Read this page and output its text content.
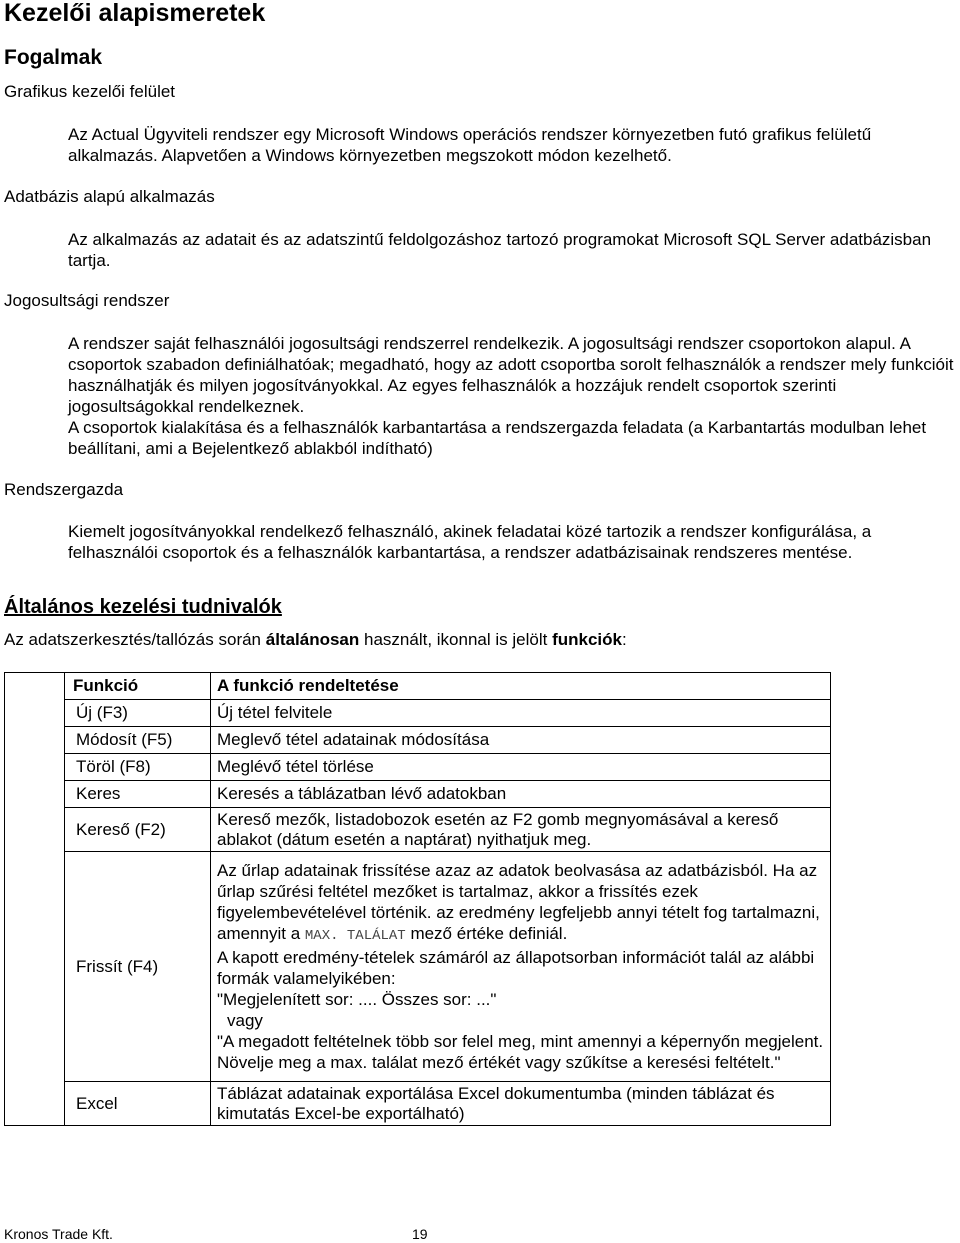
Kezelői alapismeretek
Fogalmak
Grafikus kezelői felület

Az Actual Ügyviteli rendszer egy Microsoft Windows operációs rendszer környezetben futó grafikus felületű alkalmazás. Alapvetően a Windows környezetben megszokott módon kezelhető.

Adatbázis alapú alkalmazás

Az alkalmazás az adatait és az adatszintű feldolgozáshoz tartozó programokat Microsoft SQL Server adatbázisban tartja.

Jogosultsági rendszer

A rendszer saját felhasználói jogosultsági rendszerrel rendelkezik. A jogosultsági rendszer csoportokon alapul. A csoportok szabadon definiálhatóak; megadható, hogy az adott csoportba sorolt felhasználók a rendszer mely funkcióit használhatják és milyen jogosítványokkal. Az egyes felhasználók a hozzájuk rendelt csoportok szerinti jogosultságokkal rendelkeznek.

A csoportok kialakítása és a felhasználók karbantartása a rendszergazda feladata (a Karbantartás modulban lehet beállítani, ami a Bejelentkező ablakból indítható)

Rendszergazda

Kiemelt jogosítványokkal rendelkező felhasználó, akinek feladatai közé tartozik a rendszer konfigurálása, a felhasználói csoportok és a felhasználók karbantartása, a rendszer adatbázisainak rendszeres mentése.

Általános kezelési tudnivalók
Az adatszerkesztés/tallózás során általánosan használt, ikonnal is jelölt funkciók:
	Funkció	A funkció rendeltetése
	Új (F3)	Új tétel felvitele

	Módosít (F5)	Meglevő tétel adatainak módosítása

	Töröl (F8)	Meglévő tétel törlése

	Keres	Keresés a táblázatban lévő adatokban

	Kereső (F2)	Kereső mezők, listadobozok esetén az F2 gomb megnyomásával a kereső ablakot (dátum esetén a naptárat) nyithatjuk meg.

	Frissít (F4)	Az űrlap adatainak frissítése azaz az adatok beolvasása az adatbázisból. Ha az űrlap szűrési feltétel mezőket is tartalmaz, akkor a frissítés ezek figyelembevételével történik. az eredmény legfeljebb annyi tételt fog tartalmazni, amennyit a MAX. TALÁLAT mező értéke definiál.

A kapott eredmény-tételek számáról az állapotsorban információt talál az alábbi formák valamelyikében:

"Megjelenített sor: .... Összes sor: ..."

vagy

"A megadott feltételnek több sor felel meg, mint amennyi a képernyőn megjelent. Növelje meg a max. találat mező értékét vagy szűkítse a keresési feltételt."

	Excel	Táblázat adatainak exportálása Excel dokumentumba (minden táblázat és kimutatás Excel-be exportálható)

Kronos Trade Kft.	19
